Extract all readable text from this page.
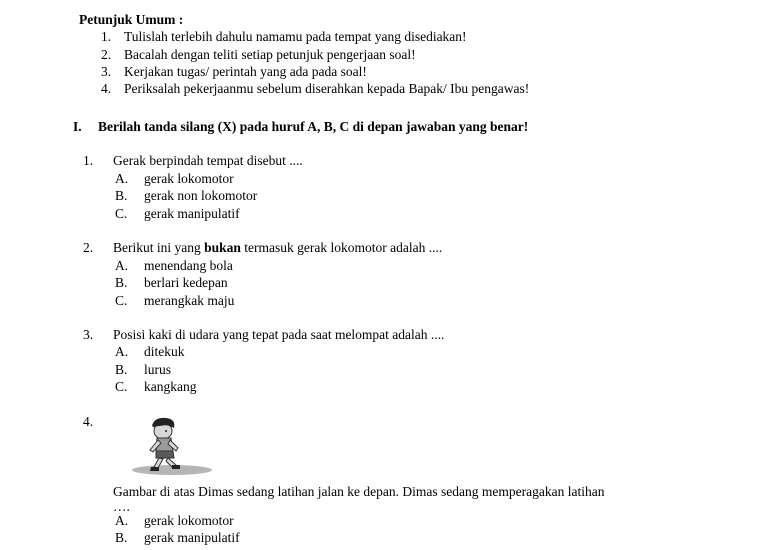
Petunjuk Umum :
1. Tulislah terlebih dahulu namamu pada tempat yang disediakan!
2. Bacalah dengan teliti setiap petunjuk pengerjaan soal!
3. Kerjakan tugas/ perintah yang ada pada soal!
4. Periksalah pekerjaanmu sebelum diserahkan kepada Bapak/ Ibu pengawas!
I. Berilah tanda silang (X) pada huruf A, B, C di depan jawaban yang benar!
1. Gerak berpindah tempat disebut ....
A. gerak lokomotor
B. gerak non lokomotor
C. gerak manipulatif
2. Berikut ini yang bukan termasuk gerak lokomotor adalah ....
A. menendang bola
B. berlari kedepan
C. merangkak maju
3. Posisi kaki di udara yang tepat pada saat melompat adalah ....
A. ditekuk
B. lurus
C. kangkang
4.
Gambar di atas Dimas sedang latihan jalan ke depan. Dimas sedang memperagakan latihan
….
A. gerak lokomotor
B. gerak manipulatif
